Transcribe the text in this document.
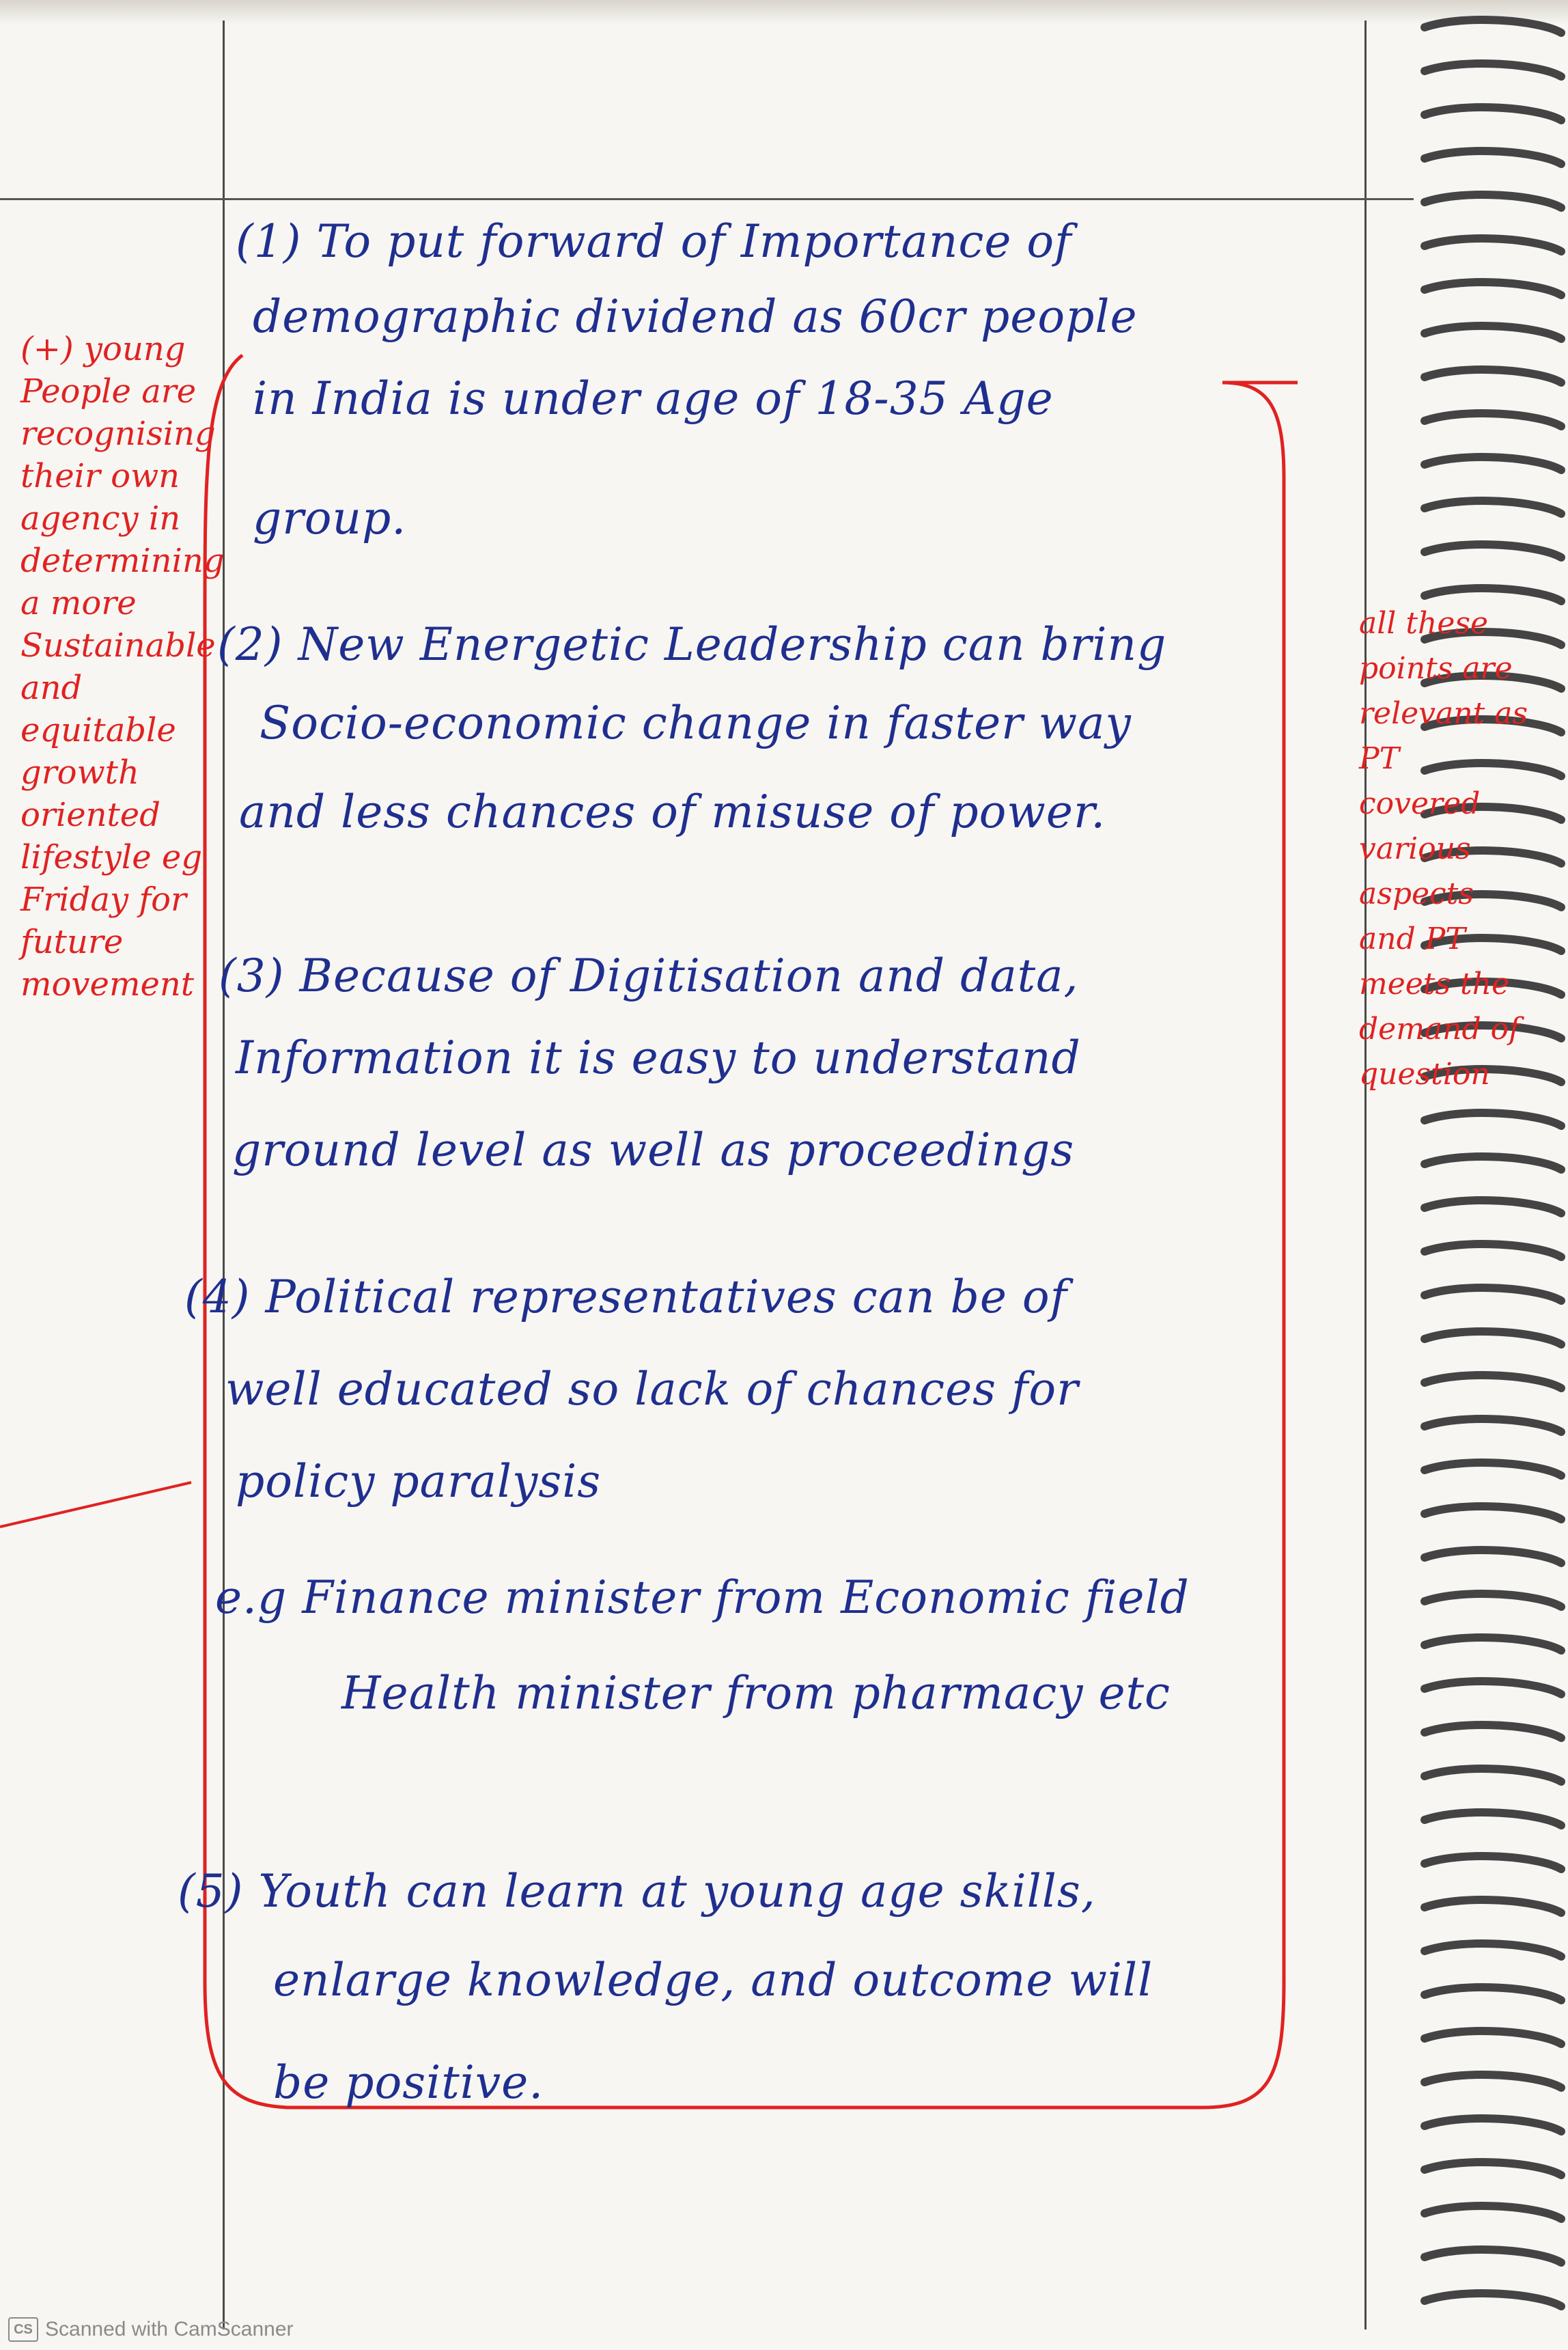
(1) To put forward of Importance of
demographic dividend as 60cr people
in India is under age of 18-35 Age
group.
(2) New Energetic Leadership can bring
Socio-economic change in faster way
and less chances of misuse of power.
(3) Because of Digitisation and data,
Information it is easy to understand
ground level as well as proceedings
(4) Political representatives can be of
well educated so lack of chances for
policy paralysis
e.g Finance minister from Economic field
Health minister from pharmacy etc
(5) Youth can learn at young age skills,
enlarge knowledge, and outcome will
be positive.
(+) young People are recognising their own agency in determining a more Sustainable and equitable growth oriented lifestyle eg Friday for future movement
all these points are relevant as PT covered various aspects and PT meets the demand of question
CS Scanned with CamScanner
